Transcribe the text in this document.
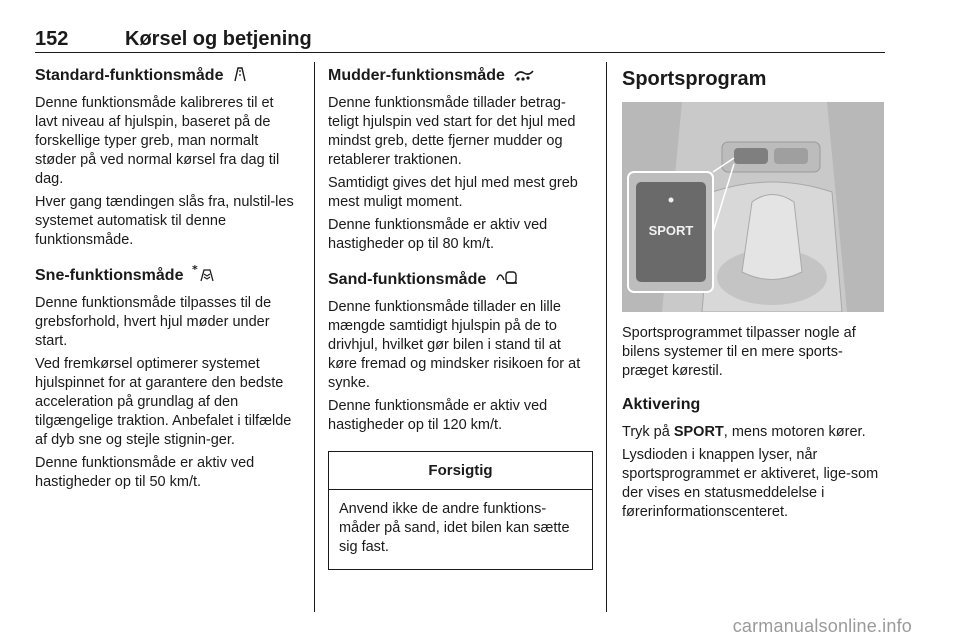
152	Kørsel og betjening
Standard-funktionsmåde

Denne funktionsmåde kalibreres til et lavt niveau af hjulspin, baseret på de forskellige typer greb, man normalt støder på ved normal kørsel fra dag til dag.

Hver gang tændingen slås fra, nulstil-les systemet automatisk til denne funktionsmåde.

Sne-funktionsmåde *

Denne funktionsmåde tilpasses til de grebsforhold, hvert hjul møder under start.

Ved fremkørsel optimerer systemet hjulspinnet for at garantere den bedste acceleration på grundlag af den tilgængelige traktion. Anbefalet i tilfælde af dyb sne og stejle stignin-ger.

Denne funktionsmåde er aktiv ved hastigheder op til 50 km/t.

Mudder-funktionsmåde

Denne funktionsmåde tillader betrag-teligt hjulspin ved start for det hjul med mindst greb, dette fjerner mudder og retablerer traktionen.

Samtidigt gives det hjul med mest greb mest muligt moment.

Denne funktionsmåde er aktiv ved hastigheder op til 80 km/t.

Sand-funktionsmåde

Denne funktionsmåde tillader en lille mængde samtidigt hjulspin på de to drivhjul, hvilket gør bilen i stand til at køre fremad og mindsker risikoen for at synke.

Denne funktionsmåde er aktiv ved hastigheder op til 120 km/t.

Forsigtig

Anvend ikke de andre funktions-måder på sand, idet bilen kan sætte sig fast.

Sportsprogram
SPORT

Sportsprogrammet tilpasser nogle af bilens systemer til en mere sports-præget kørestil.

Aktivering

Tryk på SPORT, mens motoren kører.

Lysdioden i knappen lyser, når sportsprogrammet er aktiveret, lige-som der vises en statusmeddelelse i førerinformationscenteret.

carmanualsonline.info
